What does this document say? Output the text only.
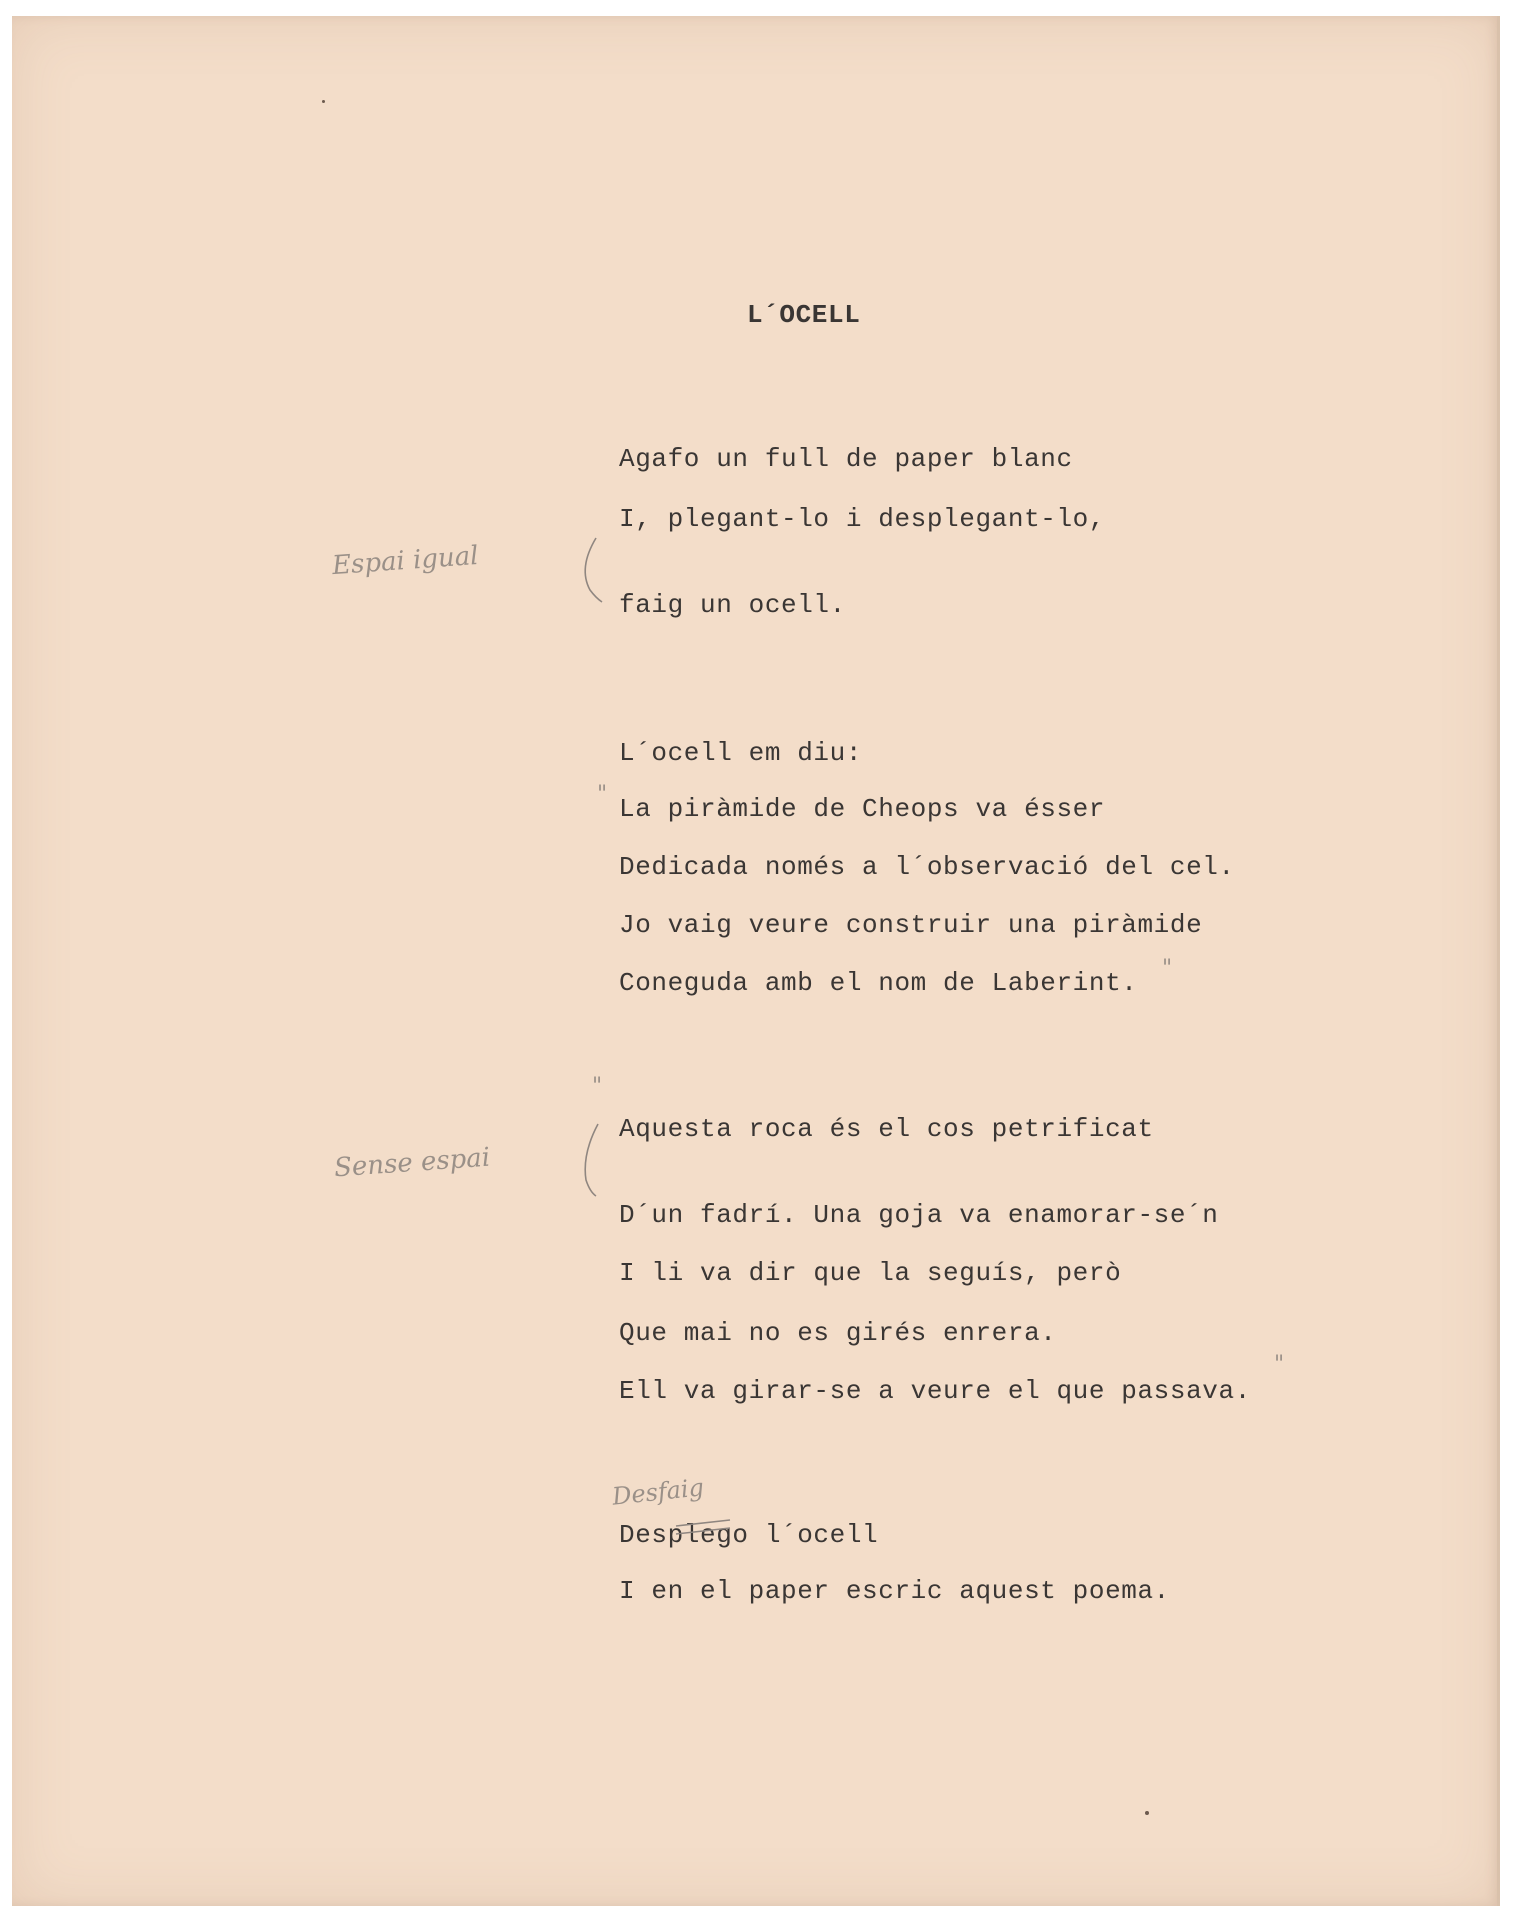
L´OCELL
Agafo un full de paper blanc
I, plegant-lo i desplegant-lo,
faig un ocell.
L´ocell em diu:
La piràmide de Cheops va ésser
Dedicada només a l´observació del cel.
Jo vaig veure construir una piràmide
Coneguda amb el nom de Laberint.
Aquesta roca és el cos petrificat
D´un fadrí. Una goja va enamorar-se´n
I li va dir que la seguís, però
Que mai no es girés enrera.
Ell va girar-se a veure el que passava.
Desplego l´ocell
I en el paper escric aquest poema.
Espai igual
Sense espai
Desfaig
"
"
"
"
